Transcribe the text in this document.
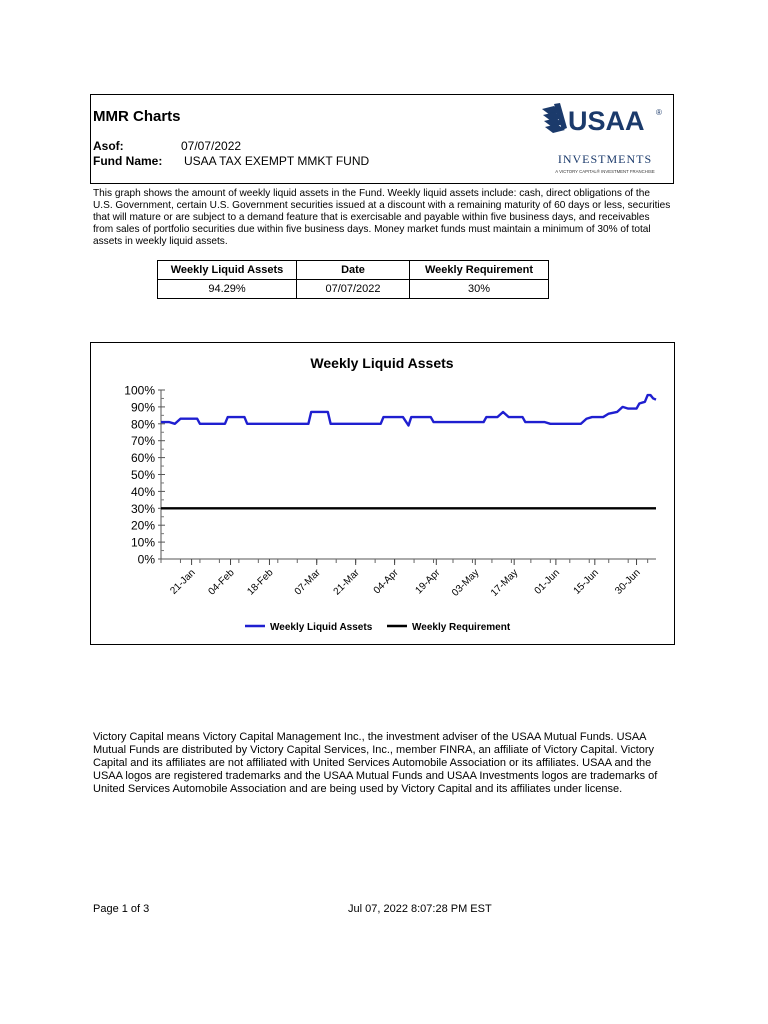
MMR Charts
Asof:	07/07/2022
Fund Name: USAA TAX EXEMPT MMKT FUND
USAA ®
INVESTMENTS
A VICTORY CAPITAL® INVESTMENT FRANCHISE
This graph shows the amount of weekly liquid assets in the Fund. Weekly liquid assets include: cash, direct obligations of the U.S. Government, certain U.S. Government securities issued at a discount with a remaining maturity of 60 days or less, securities that will mature or are subject to a demand feature that is exercisable and payable within five business days, and receivables from sales of portfolio securities due within five business days. Money market funds must maintain a minimum of 30% of total assets in weekly liquid assets.
Weekly Liquid Assets	Date	Weekly Requirement
94.29%	07/07/2022	30%
Weekly Liquid Assets
0%
10%
20%
30%
40%
50%
60%
70%
80%
90%
100%
21-Jan 04-Feb 18-Feb 07-Mar 21-Mar 04-Apr 19-Apr 03-May 17-May 01-Jun 15-Jun 30-Jun
Weekly Liquid Assets	Weekly Requirement
Victory Capital means Victory Capital Management Inc., the investment adviser of the USAA Mutual Funds. USAA Mutual Funds are distributed by Victory Capital Services, Inc., member FINRA, an affiliate of Victory Capital. Victory Capital and its affiliates are not affiliated with United Services Automobile Association or its affiliates. USAA and the USAA logos are registered trademarks and the USAA Mutual Funds and USAA Investments logos are trademarks of United Services Automobile Association and are being used by Victory Capital and its affiliates under license.
Page 1 of 3	Jul 07, 2022 8:07:28 PM EST
